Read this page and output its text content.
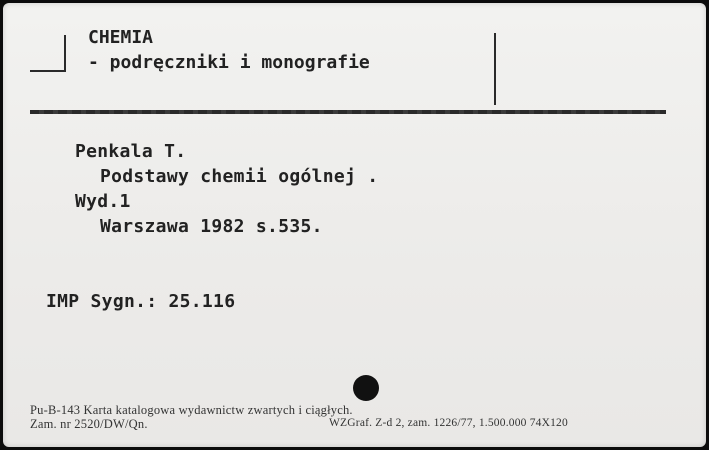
CHEMIA
- podręczniki i monografie
Penkala T.
Podstawy chemii ogólnej .
Wyd.1
Warszawa 1982 s.535.
IMP Sygn.: 25.116
Pu-B-143 Karta katalogowa wydawnictw zwartych i ciągłych.
Zam. nr 2520/DW/Qn.	WZGraf. Z-d 2, zam. 1226/77, 1.500.000 74X120
